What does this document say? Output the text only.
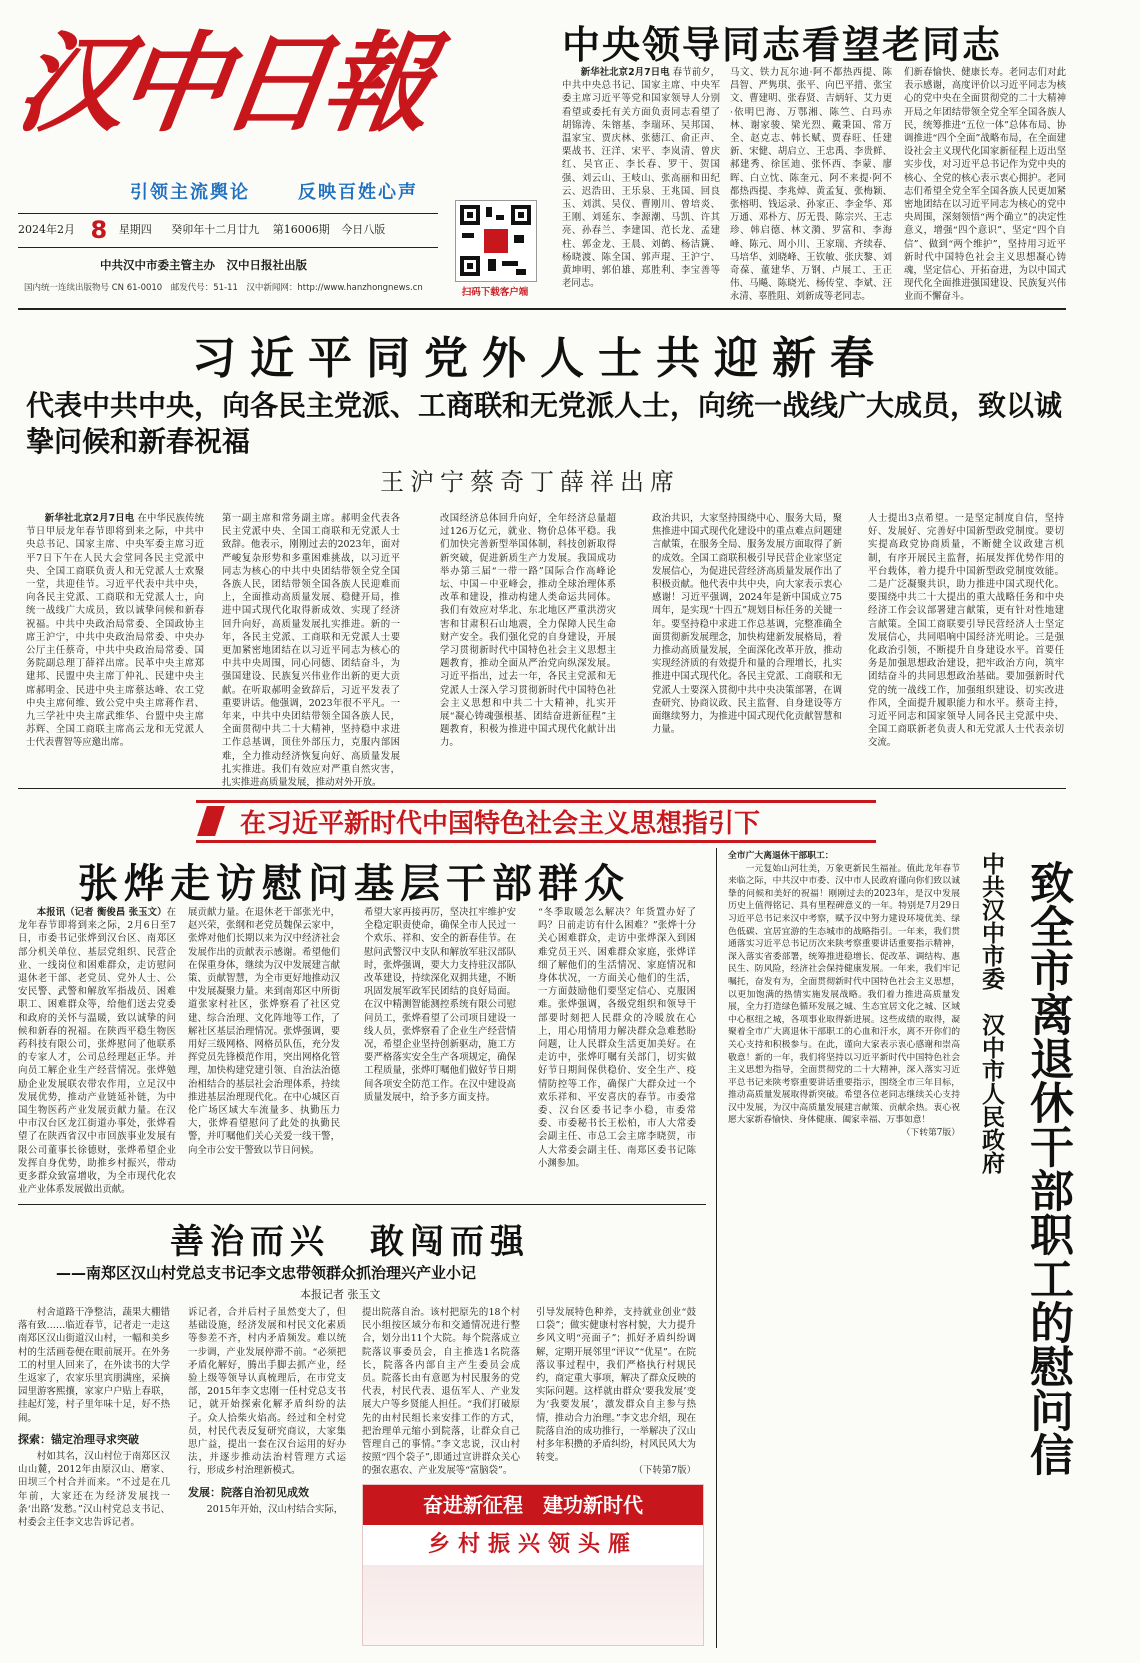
汉中日報
引领主流舆论	反映百姓心声
2024年2月 8 星期四 癸卯年十二月廿九 第16006期 今日八版
中共汉中市委主管主办　汉中日报社出版
国内统一连续出版物号 CN 61-0010　邮发代号：51-11　汉中新闻网：http://www.hanzhongnews.cn	扫码下载客户端
中央领导同志看望老同志

新华社北京2月7日电 春节前夕，中共中央总书记、国家主席、中央军委主席习近平等党和国家领导人分别看望或委托有关方面负责同志看望了胡锦涛、朱镕基、李瑞环、吴邦国、温家宝、贾庆林、张德江、俞正声、栗战书、汪洋、宋平、李岚清、曾庆红、吴官正、李长春、罗干、贺国强、刘云山、王岐山、张高丽和田纪云、迟浩田、王乐泉、王兆国、回良玉、刘淇、吴仪、曹刚川、曾培炎、王刚、刘延东、李源潮、马凯、许其亮、孙春兰、李建国、范长龙、孟建柱、郭金龙、王晨、刘鹤、杨洁篪、杨晓渡、陈全国、郭声琨、王沪宁、黄坤明、郭伯雄、郑胜利、李宝善等老同志。

马文、铁力瓦尔迪·阿不都热西提、陈昌智、严隽琪、张平、向巴平措、张宝文、曹建明、张春贤、吉炳轩、艾力更·依明巴海、万鄂湘、陈竺、白玛赤林、谢家骏、梁光烈、戴秉国、常万全、赵克志、韩长赋、贾春旺、任建新、宋健、胡启立、王忠禹、李贵鲜、郝建秀、徐匡迪、张怀西、李蒙、廖晖、白立忱、陈奎元、阿不来提·阿不都热西提、李兆焯、黄孟复、张梅颖、张榕明、钱运录、孙家正、李金华、郑万通、邓朴方、厉无畏、陈宗兴、王志珍、韩启德、林文漪、罗富和、李海峰、陈元、周小川、王家瑞、齐续春、马培华、刘晓峰、王钦敏、张庆黎、刘奇葆、董建华、万钢、卢展工、王正伟、马飚、陈晓光、杨传堂、李斌、汪永清、辜胜阻、刘新成等老同志。

们新春愉快、健康长寿。老同志们对此表示感谢，高度评价以习近平同志为核心的党中央在全面贯彻党的二十大精神开局之年团结带领全党全军全国各族人民，统筹推进“五位一体”总体布局、协调推进“四个全面”战略布局，在全面建设社会主义现代化国家新征程上迈出坚实步伐，对习近平总书记作为党中央的核心、全党的核心表示衷心拥护。老同志们希望全党全军全国各族人民更加紧密地团结在以习近平同志为核心的党中央周围，深刻领悟“两个确立”的决定性意义，增强“四个意识”、坚定“四个自信”、做到“两个维护”，坚持用习近平新时代中国特色社会主义思想凝心铸魂，坚定信心、开拓奋进，为以中国式现代化全面推进强国建设、民族复兴伟业而不懈奋斗。

习近平同党外人士共迎新春
代表中共中央，向各民主党派、工商联和无党派人士，向统一战线广大成员，致以诚挚问候和新春祝福
王沪宁蔡奇丁薛祥出席

新华社北京2月7日电 在中华民族传统节日甲辰龙年春节即将到来之际，中共中央总书记、国家主席、中央军委主席习近平7日下午在人民大会堂同各民主党派中央、全国工商联负责人和无党派人士欢聚一堂，共迎佳节。习近平代表中共中央，向各民主党派、工商联和无党派人士，向统一战线广大成员，致以诚挚问候和新春祝福。中共中央政治局常委、全国政协主席王沪宁，中共中央政治局常委、中央办公厅主任蔡奇，中共中央政治局常委、国务院副总理丁薛祥出席。民革中央主席郑建邦、民盟中央主席丁仲礼、民建中央主席郝明金、民进中央主席蔡达峰、农工党中央主席何维、致公党中央主席蒋作君、九三学社中央主席武维华、台盟中央主席苏辉、全国工商联主席高云龙和无党派人士代表曹智等应邀出席。

第一副主席和常务副主席。郝明金代表各民主党派中央、全国工商联和无党派人士致辞。他表示，刚刚过去的2023年，面对严峻复杂形势和多重困难挑战，以习近平同志为核心的中共中央团结带领全党全国各族人民，团结带领全国各族人民迎难而上，全面推动高质量发展、稳健开局，推进中国式现代化取得新成效、实现了经济回升向好，高质量发展扎实推进。新的一年，各民主党派、工商联和无党派人士要更加紧密地团结在以习近平同志为核心的中共中央周围，同心同德、团结奋斗，为强国建设、民族复兴伟业作出新的更大贡献。在听取郝明金致辞后，习近平发表了重要讲话。他强调，2023年很不平凡。一年来，中共中央团结带领全国各族人民，全面贯彻中共二十大精神，坚持稳中求进工作总基调，顶住外部压力，克服内部困难，全力推动经济恢复向好、高质量发展扎实推进。我们有效应对严重自然灾害，扎实推进高质量发展，推动对外开放。

改国经济总体回升向好，全年经济总量超过126万亿元，就业、物价总体平稳。我们加快完善新型举国体制，科技创新取得新突破，促进新质生产力发展。我国成功举办第三届“一带一路”国际合作高峰论坛、中国－中亚峰会，推动全球治理体系改革和建设，推动构建人类命运共同体。我们有效应对华北、东北地区严重洪涝灾害和甘肃积石山地震，全力保障人民生命财产安全。我们强化党的自身建设，开展学习贯彻新时代中国特色社会主义思想主题教育，推动全面从严治党向纵深发展。习近平指出，过去一年，各民主党派和无党派人士深入学习贯彻新时代中国特色社会主义思想和中共二十大精神，扎实开展“凝心铸魂强根基、团结奋进新征程”主题教育，积极为推进中国式现代化献计出力。

政治共识，大家坚持围绕中心、服务大局，聚焦推进中国式现代化建设中的重点难点问题建言献策，在服务全局、服务发展方面取得了新的成效。全国工商联积极引导民营企业家坚定发展信心，为促进民营经济高质量发展作出了积极贡献。他代表中共中央，向大家表示衷心感谢！习近平强调，2024年是新中国成立75周年，是实现“十四五”规划目标任务的关键一年。要坚持稳中求进工作总基调，完整准确全面贯彻新发展理念，加快构建新发展格局，着力推动高质量发展，全面深化改革开放，推动实现经济质的有效提升和量的合理增长，扎实推进中国式现代化。各民主党派、工商联和无党派人士要深入贯彻中共中央决策部署，在调查研究、协商议政、民主监督、自身建设等方面继续努力，为推进中国式现代化贡献智慧和力量。

人士提出3点希望。一是坚定制度自信，坚持好、发展好、完善好中国新型政党制度。要切实提高政党协商质量，不断健全议政建言机制，有序开展民主监督，拓展发挥优势作用的平台载体，着力提升中国新型政党制度效能。二是广泛凝聚共识，助力推进中国式现代化。要围绕中共二十大提出的重大战略任务和中央经济工作会议部署建言献策，更有针对性地建言献策。全国工商联要引导民营经济人士坚定发展信心，共同唱响中国经济光明论。三是强化政治引领，不断提升自身建设水平。首要任务是加强思想政治建设，把牢政治方向，筑牢团结奋斗的共同思想政治基础。要加强新时代党的统一战线工作，加强组织建设、切实改进作风，全面提升履职能力和水平。蔡奇主持，习近平同志和国家领导人同各民主党派中央、全国工商联新老负责人和无党派人士代表亲切交流。

在习近平新时代中国特色社会主义思想指引下
张烨走访慰问基层干部群众

本报讯（记者 衡俊昌 张玉文）在龙年春节即将到来之际，2月6日至7日，市委书记张烨到汉台区、南郑区部分机关单位、基层党组织、民营企业、一线岗位和困难群众，走访慰问退休老干部、老党员、党外人士、公安民警、武警和解放军指战员、困难职工、困难群众等，给他们送去党委和政府的关怀与温暖，致以诚挚的问候和新春的祝福。在陕西平稳生物医药科技有限公司，张烨慰问了他联系的专家人才，公司总经理赵正华。并向员工解企业生产经营情况。张烨勉励企业发展联农带农作用，立足汉中发展优势，推动产业链延补链，为中国生物医药产业发展贡献力量。在汉中市汉台区龙江街道办事处，张烨看望了在陕西省汉中市回族事业发展有限公司董事长徐德财，张烨希望企业发挥自身优势，助推乡村振兴，带动更多群众致富增收，为全市现代化农业产业体系发展做出贡献。

展贡献力量。在退休老干部张光中，赵兴荣，张纲和老党员魏保云家中，张烨对他们长期以来为汉中经济社会发展作出的贡献表示感谢。希望他们在保重身体，继续为汉中发展建言献策、贡献智慧，为全市更好地推动汉中发展凝聚力量。来到南郑区中所街道张家村社区，张烨察看了社区党建、综合治理、文化阵地等工作，了解社区基层治理情况。张烨强调，要用好三级网格、网格员队伍，充分发挥党员先锋模范作用，突出网格化管理，加快构建党建引领、自治法治德治相结合的基层社会治理体系，持续推进基层治理现代化。在中心城区百伦广场区域大车流量多、执勤压力大，张烨看望慰问了此处的执勤民警，并叮嘱他们关心关爱一线干警，向全市公安干警致以节日问候。

希望大家再接再厉，坚决扛牢维护安全稳定职责使命，确保全市人民过一个欢乐、祥和、安全的新春佳节。在慰问武警汉中支队和解放军驻汉部队时，张烨强调，要大力支持驻汉部队改革建设，持续深化双拥共建，不断巩固发展军政军民团结的良好局面。在汉中精测智能测控系统有限公司慰问员工，张烨看望了公司项目建设一线人员，张烨察看了企业生产经营情况，希望企业坚持创新驱动，施工方要严格落实安全生产各项规定，确保工程质量，张烨叮嘱他们做好节日期间各项安全防范工作。在汉中建设高质量发展中，给予多方面支持。

“冬季取暖怎么解决？年货置办好了吗？日前走访有什么困难？”张烨十分关心困难群众，走访中张烨深入到困难党员王兴、困难群众家庭，张烨详细了解他们的生活情况、家庭情况和身体状况，一方面关心他们的生活，一方面鼓励他们要坚定信心、克服困难。张烨强调，各级党组织和领导干部要时刻把人民群众的冷暖放在心上，用心用情用力解决群众急难愁盼问题，让人民群众生活更加美好。在走访中，张烨叮嘱有关部门，切实做好节日期间保供稳价、安全生产、疫情防控等工作，确保广大群众过一个欢乐祥和、平安喜庆的春节。市委常委、汉台区委书记李小稳，市委常委、市委秘书长王松柏，市人大常委会副主任、市总工会主席李晓贺，市人大常委会副主任、南郑区委书记陈小渊参加。

全市广大离退休干部职工：

一元复始山河壮美，万象更新民生福祉。值此龙年春节来临之际，中共汉中市委、汉中市人民政府谨向你们致以诚挚的问候和美好的祝福！刚刚过去的2023年，是汉中发展历史上值得铭记、具有里程碑意义的一年。特别是7月29日习近平总书记来汉中考察，赋予汉中努力建设环境优美、绿色低碳、宜居宜游的生态城市的战略指引。一年来，我们贯通落实习近平总书记历次来陕考察重要讲话重要指示精神，深入落实省委部署，统筹推进稳增长、促改革、调结构、惠民生、防风险，经济社会保持健康发展。一年来，我们牢记嘱托，奋发有为，全面贯彻新时代中国特色社会主义思想，以更加饱满的热情实施发展战略。我们着力推进高质量发展，全力打造绿色循环发展之城、生态宜居文化之城、区域中心枢纽之城，各项事业取得新进展。这些成绩的取得，凝聚着全市广大离退休干部职工的心血和汗水，离不开你们的关心支持和积极参与。在此，谨向大家表示衷心感谢和崇高敬意！新的一年，我们将坚持以习近平新时代中国特色社会主义思想为指导，全面贯彻党的二十大精神，深入落实习近平总书记来陕考察重要讲话重要指示，围绕全市三年目标，推动高质量发展取得新突破。希望各位老同志继续关心支持汉中发展，为汉中高质量发展建言献策、贡献余热。衷心祝愿大家新春愉快、身体健康、阖家幸福、万事如意！

（下转第7版） 致全市离退休干部职工的慰问信
中共汉中市委　汉中市人民政府
善治而兴　敢闯而强
——南郑区汉山村党总支书记李文忠带领群众抓治理兴产业小记
本报记者 张玉文

村舍道路干净整洁，蔬果大棚错落有致……临近春节，记者走一走这南郑区汉山街道汉山村，一幅和美乡村的生活画卷便在眼前展开。在外务工的村里人回来了，在外读书的大学生返家了，农家乐里宾朋满座，采摘园里游客熙攘，家家户户贴上春联，挂起灯笼，村子里年味十足，好不热闹。

探索：锚定治理寻求突破

村如其名，汉山村位于南郑区汉山山麓，2012年由原汉山、磨家、田坝三个村合并而来。“不过是在几年前，大家还在为经济发展找一条‘出路’发愁。”汉山村党总支书记、村委会主任李文忠告诉记者。

诉记者，合并后村子虽然变大了，但基础设施，经济发展和村民文化素质等参差不齐，村内矛盾频发。难以统一步调，产业发展停滞不前。“必须把矛盾化解好，腾出手脚去抓产业，经验上级等领导认真梳理后，在市党支部，2015年李文忠刚一任村党总支书记，就开始探索化解矛盾纠纷的法子。众人拾柴火焰高。经过和全村党员，村民代表反复研究商议，大家集思广益，提出一套在汉台运用的好办法，并逐步推动法治村管理方式运行，形成乡村治理新模式。

发展：院落自治初见成效

2015年开始，汉山村结合实际，

提出院落自治。该村把原先的18个村民小组按区域分布和交通情况进行整合，划分出11个大院。每个院落成立院落议事委员会，自主推选1名院落长，院落各内部自主产生委员会成员。院落长由有意愿为村民服务的党代表，村民代表、退伍军人、产业发展大户等乡贤能人担任。“我们打破原先的由村民组长来安排工作的方式，把治理单元缩小到院落，让群众自己管理自己的事情。”李文忠说，汉山村按照“四个袋子”,即通过宣讲群众关心的强农惠农、产业发展等“富脑袋”。

引导发展特色种养，支持就业创业“鼓口袋”；做实健康村容村貌，大力提升乡风文明“亮面子”；抓好矛盾纠纷调解，定期开展邻里“评议”“优星”。在院落议事过程中，我们严格执行村规民约，商定重大事项，解决了群众反映的实际问题。这样就由群众‘要我发展’变为‘我要发展’，激发群众自主参与热情，推动合力治理。”李文忠介绍，现在院落自治的成功推行，一举解决了汉山村多年积攒的矛盾纠纷，村风民风大为转变。

（下转第7版）

奋进新征程　建功新时代
乡村振兴领头雁
